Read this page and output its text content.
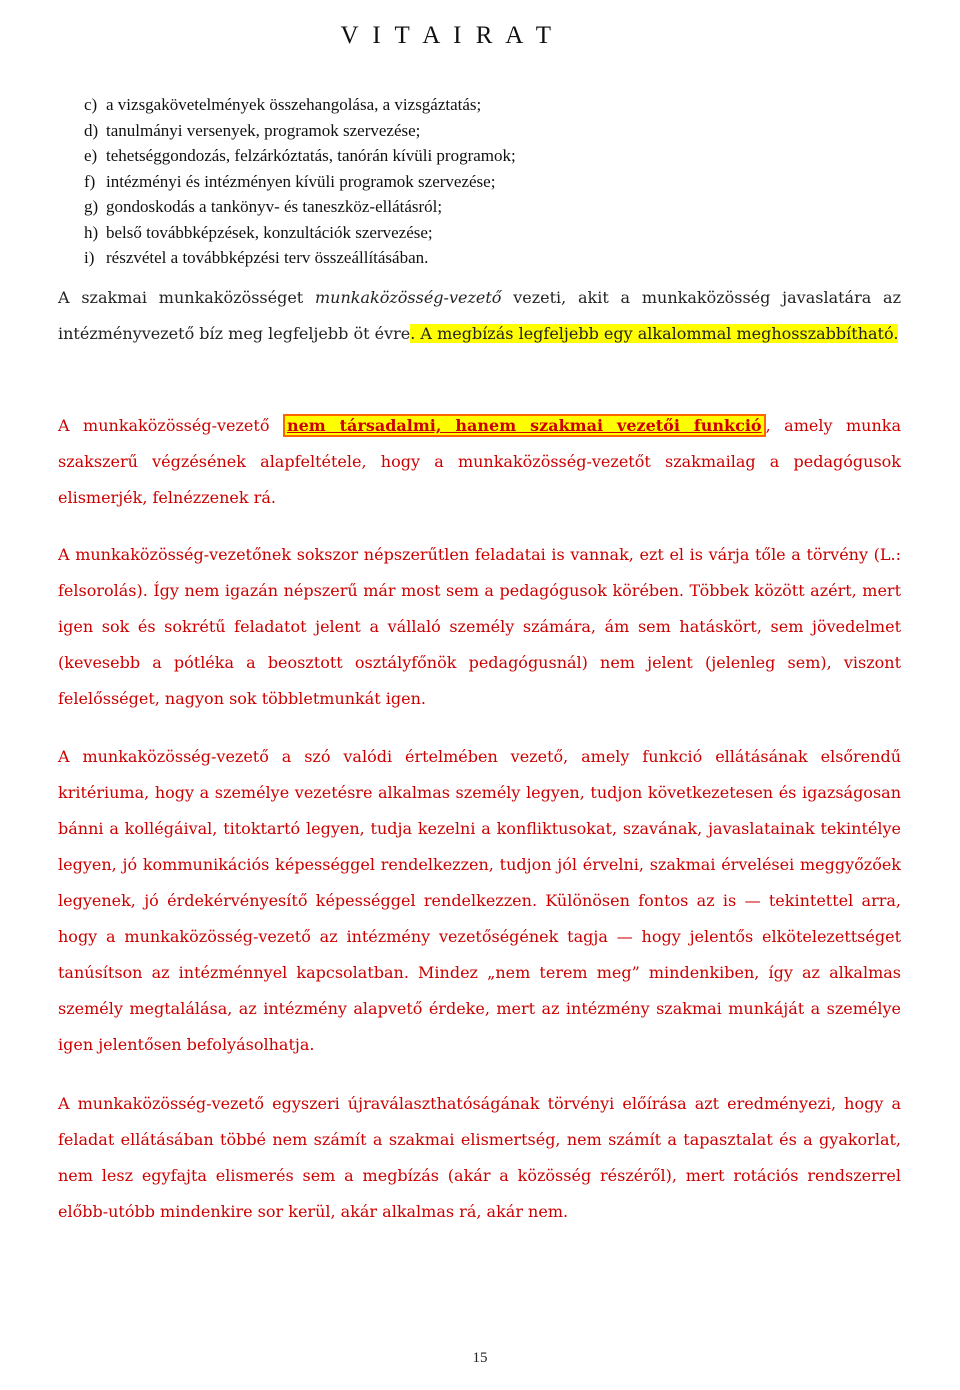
V I T A I R A T
c) a vizsgakövetelmények összehangolása, a vizsgáztatás;
d) tanulmányi versenyek, programok szervezése;
e) tehetséggondozás, felzárkóztatás, tanórán kívüli programok;
f) intézményi és intézményen kívüli programok szervezése;
g) gondoskodás a tankönyv- és taneszköz-ellátásról;
h) belső továbbképzések, konzultációk szervezése;
i) részvétel a továbbképzési terv összeállításában.

A szakmai munkaközösséget munkaközösség-vezető vezeti, akit a munkaközösség javaslatára az intézményvezető bíz meg legfeljebb öt évre. A megbízás legfeljebb egy alkalommal meghosszabbítható.

A munkaközösség-vezető nem társadalmi, hanem szakmai vezetői funkció , amely munka szakszerű végzésének alapfeltétele, hogy a munkaközösség-vezetőt szakmailag a pedagógusok elismerjék, felnézzenek rá.

A munkaközösség-vezetőnek sokszor népszerűtlen feladatai is vannak, ezt el is várja tőle a törvény (L.: felsorolás). Így nem igazán népszerű már most sem a pedagógusok körében. Többek között azért, mert igen sok és sokrétű feladatot jelent a vállaló személy számára, ám sem hatáskört, sem jövedelmet (kevesebb a pótléka a beosztott osztályfőnök pedagógusnál) nem jelent (jelenleg sem), viszont felelősséget, nagyon sok többletmunkát igen.

A munkaközösség-vezető a szó valódi értelmében vezető, amely funkció ellátásának elsőrendű kritériuma, hogy a személye vezetésre alkalmas személy legyen, tudjon következetesen és igazságosan bánni a kollégáival, titoktartó legyen, tudja kezelni a konfliktusokat, szavának, javaslatainak tekintélye legyen, jó kommunikációs képességgel rendelkezzen, tudjon jól érvelni, szakmai érvelései meggyőzőek legyenek, jó érdekérvényesítő képességgel rendelkezzen. Különösen fontos az is — tekintettel arra, hogy a munkaközösség-vezető az intézmény vezetőségének tagja — hogy jelentős elkötelezettséget tanúsítson az intézménnyel kapcsolatban. Mindez „nem terem meg” mindenkiben, így az alkalmas személy megtalálása, az intézmény alapvető érdeke, mert az intézmény szakmai munkáját a személye igen jelentősen befolyásolhatja.

A munkaközösség-vezető egyszeri újraválaszthatóságának törvényi előírása azt eredményezi, hogy a feladat ellátásában többé nem számít a szakmai elismertség, nem számít a tapasztalat és a gyakorlat, nem lesz egyfajta elismerés sem a megbízás (akár a közösség részéről), mert rotációs rendszerrel előbb-utóbb mindenkire sor kerül, akár alkalmas rá, akár nem.

15
